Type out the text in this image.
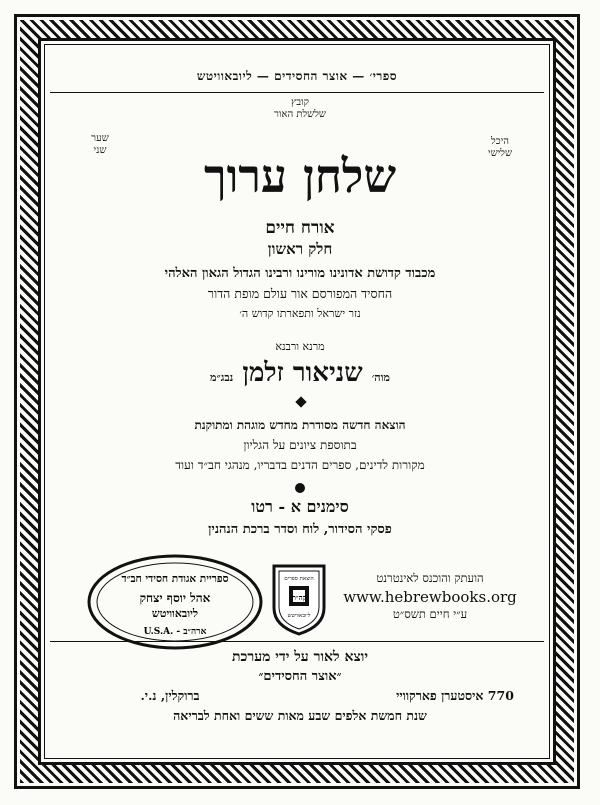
ספרי׳ — אוצר החסידים — ליובאוויטש
קובץ
שלשלת האור
היכל
שלישי
שער
שני	שלחן ערוך
אורח חיים
חלק ראשון
מכבוד קדושת אדונינו מורינו ורבינו הגדול הגאון האלהי
החסיד המפורסם אור עולם מופת הדור
נזר ישראל ותפארתו קדוש ה׳
מרנא ורבנא
מוה׳ שניאור זלמן נבג״מ
הוצאה חדשה מסודרת מחדש מוגהת ומתוקנת
בתוספת ציונים על הגליון
מקורות לדינים, ספרים הדנים בדבריו, מנהגי חב״ד ועוד
סימנים א - רטו
פסקי הסידור, לוח וסדר ברכת הנהנין
ספריית אגודת חסידי חב״ד
אהל יוסף יצחק
ליובאוויטש
U.S.A. - ארה״ב
הוצאת ספרים
קה״ת
ליובאוויטש
הועתק והוכנס לאינטרנט
www.hebrewbooks.org
ע״י חיים תשס״ט
יוצא לאור על ידי מערכת
״אוצר החסידים״
770 איסטערן פארקוויי
ברוקלין, נ.י.
שנת חמשת אלפים שבע מאות ששים ואחת לבריאה
